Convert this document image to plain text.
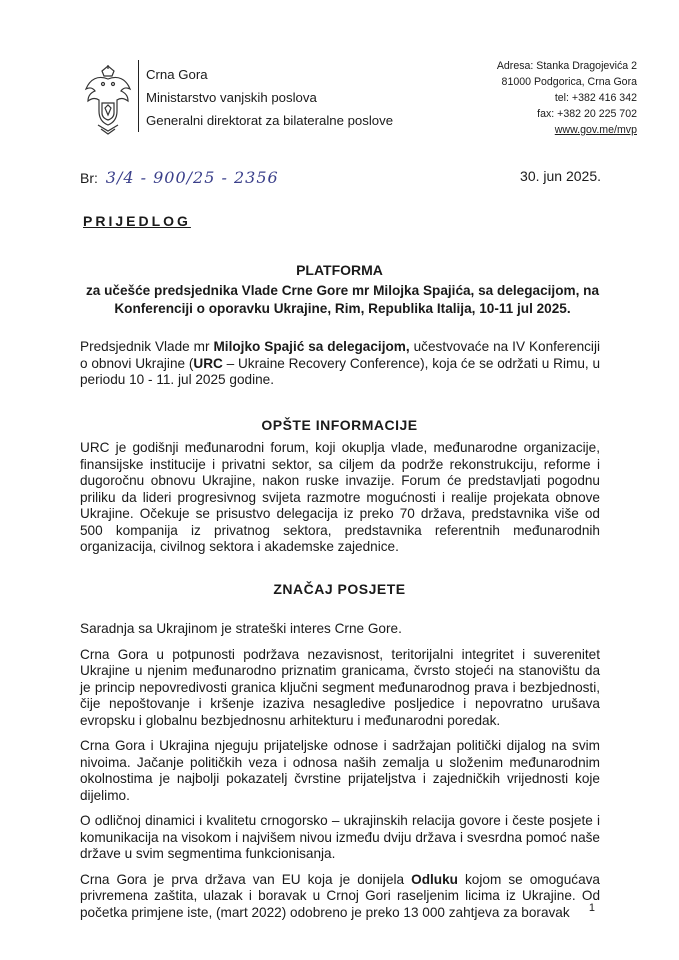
Crna Gora
Ministarstvo vanjskih poslova
Generalni direktorat za bilateralne poslove
Adresa: Stanka Dragojevića 2
81000 Podgorica, Crna Gora
tel: +382 416 342
fax: +382 20 225 702
www.gov.me/mvp
Br: 3/4 - 900/25 - 2356	30. jun 2025.
PRIJEDLOG
PLATFORMA
za učešće predsjednika Vlade Crne Gore mr Milojka Spajića, sa delegacijom, na Konferenciji o oporavku Ukrajine, Rim, Republika Italija, 10-11 jul 2025.

Predsjednik Vlade mr Milojko Spajić sa delegacijom, učestvovaće na IV Konferenciji o obnovi Ukrajine (URC – Ukraine Recovery Conference), koja će se održati u Rimu, u periodu 10 - 11. jul 2025 godine.

OPŠTE INFORMACIJE

URC je godišnji međunarodni forum, koji okuplja vlade, međunarodne organizacije, finansijske institucije i privatni sektor, sa ciljem da podrže rekonstrukciju, reforme i dugoročnu obnovu Ukrajine, nakon ruske invazije. Forum će predstavljati pogodnu priliku da lideri progresivnog svijeta razmotre mogućnosti i realije projekata obnove Ukrajine. Očekuje se prisustvo delegacija iz preko 70 država, predstavnika više od 500 kompanija iz privatnog sektora, predstavnika referentnih međunarodnih organizacija, civilnog sektora i akademske zajednice.

ZNAČAJ POSJETE

Saradnja sa Ukrajinom je strateški interes Crne Gore.

Crna Gora u potpunosti podržava nezavisnost, teritorijalni integritet i suverenitet Ukrajine u njenim međunarodno priznatim granicama, čvrsto stojeći na stanovištu da je princip nepovredivosti granica ključni segment međunarodnog prava i bezbjednosti, čije nepoštovanje i kršenje izaziva nesagledive posljedice i nepovratno urušava evropsku i globalnu bezbjednosnu arhitekturu i međunarodni poredak.

Crna Gora i Ukrajina njeguju prijateljske odnose i sadržajan politički dijalog na svim nivoima. Jačanje političkih veza i odnosa naših zemalja u složenim međunarodnim okolnostima je najbolji pokazatelj čvrstine prijateljstva i zajedničkih vrijednosti koje dijelimo.

O odličnoj dinamici i kvalitetu crnogorsko – ukrajinskih relacija govore i česte posjete i komunikacija na visokom i najvišem nivou između dviju država i svesrdna pomoć naše države u svim segmentima funkcionisanja.

Crna Gora je prva država van EU koja je donijela Odluku kojom se omogućava privremena zaštita, ulazak i boravak u Crnoj Gori raseljenim licima iz Ukrajine. Od početka primjene iste, (mart 2022) odobreno je preko 13 000 zahtjeva za boravak	1
